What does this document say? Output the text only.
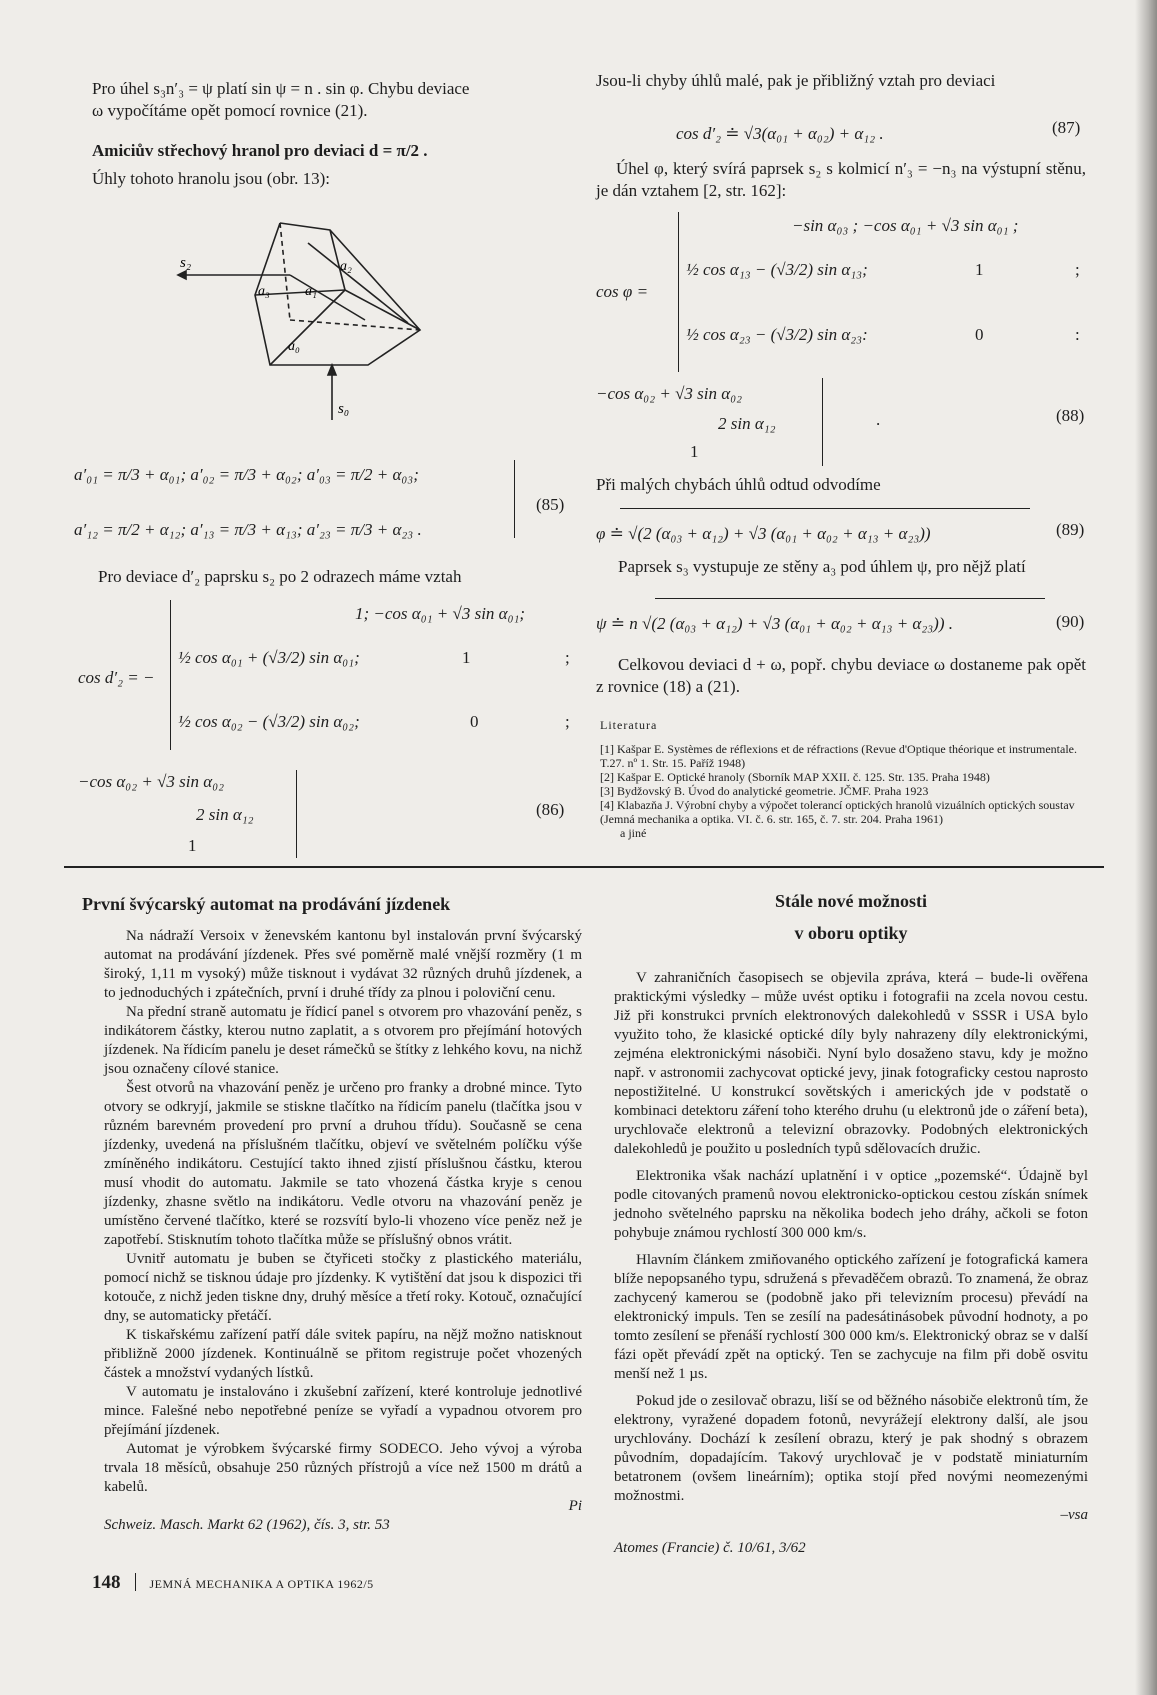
Pro úhel s₃n′₃ = ψ platí sin ψ = n . sin φ. Chybu deviace

ω vypočítáme opět pomocí rovnice (21).

Amiciův střechový hranol pro deviaci d = π/2 .

Úhly tohoto hranolu jsou (obr. 13):

s₂
a₃	a₁
a₂
a₀
s₀
a′₀₁ = π/3 + α₀₁; a′₀₂ = π/3 + α₀₂; a′₀₃ = π/2 + α₀₃;
a′₁₂ = π/2 + α₁₂; a′₁₃ = π/3 + α₁₃; a′₂₃ = π/3 + α₂₃ .
(85)
Pro deviace d′₂ paprsku s₂ po 2 odrazech máme vztah
cos d′₂ = −
1; −cos α₀₁ + √3 sin α₀₁;
½ cos α₀₁ + (√3/2) sin α₀₁;	1	;
½ cos α₀₂ − (√3/2) sin α₀₂;	0	;
−cos α₀₂ + √3 sin α₀₂
2 sin α₁₂
1
(86)
Jsou-li chyby úhlů malé, pak je přibližný vztah pro deviaci
cos d′₂ ≐ √3(α₀₁ + α₀₂) + α₁₂ .	(87)
Úhel φ, který svírá paprsek s₂ s kolmicí n′₃ = −n₃ na výstupní stěnu, je dán vztahem [2, str. 162]:
cos φ =
−sin α₀₃ ; −cos α₀₁ + √3 sin α₀₁ ;
½ cos α₁₃ − (√3/2) sin α₁₃;	1	;
½ cos α₂₃ − (√3/2) sin α₂₃:	0	:
−cos α₀₂ + √3 sin α₀₂
2 sin α₁₂
1
.	(88)
Při malých chybách úhlů odtud odvodíme
φ ≐ √(2 (α₀₃ + α₁₂) + √3 (α₀₁ + α₀₂ + α₁₃ + α₂₃))	(89)
Paprsek s₃ vystupuje ze stěny a₃ pod úhlem ψ, pro nějž platí
ψ ≐ n √(2 (α₀₃ + α₁₂) + √3 (α₀₁ + α₀₂ + α₁₃ + α₂₃)) .	(90)
Celkovou deviaci d + ω, popř. chybu deviace ω dostaneme pak opět z rovnice (18) a (21).

Literatura

[1] Kašpar E. Systèmes de réflexions et de réfractions (Revue d'Optique théorique et instrumentale. T.27. nº 1. Str. 15. Paříž 1948)

[2] Kašpar E. Optické hranoly (Sborník MAP XXII. č. 125. Str. 135. Praha 1948)

[3] Bydžovský B. Úvod do analytické geometrie. JČMF. Praha 1923

[4] Klabazňa J. Výrobní chyby a výpočet tolerancí optických hranolů vizuálních optických soustav (Jemná mechanika a optika. VI. č. 6. str. 165, č. 7. str. 204. Praha 1961)

a jiné

První švýcarský automat na prodávání jízdenek

Na nádraží Versoix v ženevském kantonu byl instalován první švýcarský automat na prodávání jízdenek. Přes své poměrně malé vnější rozměry (1 m široký, 1,11 m vysoký) může tisknout i vydávat 32 různých druhů jízdenek, a to jednoduchých i zpátečních, první i druhé třídy za plnou i poloviční cenu.

Na přední straně automatu je řídicí panel s otvorem pro vhazování peněz, s indikátorem částky, kterou nutno zaplatit, a s otvorem pro přejímání hotových jízdenek. Na řídicím panelu je deset rámečků se štítky z lehkého kovu, na nichž jsou označeny cílové stanice.

Šest otvorů na vhazování peněz je určeno pro franky a drobné mince. Tyto otvory se odkryjí, jakmile se stiskne tlačítko na řídicím panelu (tlačítka jsou v různém barevném provedení pro první a druhou třídu). Současně se cena jízdenky, uvedená na příslušném tlačítku, objeví ve světelném políčku výše zmíněného indikátoru. Cestující takto ihned zjistí příslušnou částku, kterou musí vhodit do automatu. Jakmile se tato vhozená částka kryje s cenou jízdenky, zhasne světlo na indikátoru. Vedle otvoru na vhazování peněz je umístěno červené tlačítko, které se rozsvítí bylo-li vhozeno více peněz než je zapotřebí. Stisknutím tohoto tlačítka může se příslušný obnos vrátit.

Uvnitř automatu je buben se čtyřiceti stočky z plastického materiálu, pomocí nichž se tisknou údaje pro jízdenky. K vytištění dat jsou k dispozici tři kotouče, z nichž jeden tiskne dny, druhý měsíce a třetí roky. Kotouč, označující dny, se automaticky přetáčí.

K tiskařskému zařízení patří dále svitek papíru, na nějž možno natisknout přibližně 2000 jízdenek. Kontinuálně se přitom registruje počet vhozených částek a množství vydaných lístků.

V automatu je instalováno i zkušební zařízení, které kontroluje jednotlivé mince. Falešné nebo nepotřebné peníze se vyřadí a vypadnou otvorem pro přejímání jízdenek.

Automat je výrobkem švýcarské firmy SODECO. Jeho vývoj a výroba trvala 18 měsíců, obsahuje 250 různých přístrojů a více než 1500 m drátů a kabelů.

Pi

Schweiz. Masch. Markt 62 (1962), čís. 3, str. 53

Stále nové možnosti

v oboru optiky

V zahraničních časopisech se objevila zpráva, která – bude-li ověřena praktickými výsledky – může uvést optiku i fotografii na zcela novou cestu. Již při konstrukci prvních elektronových dalekohledů v SSSR i USA bylo využito toho, že klasické optické díly byly nahrazeny díly elektronickými, zejména elektronickými násobiči. Nyní bylo dosaženo stavu, kdy je možno např. v astronomii zachycovat optické jevy, jinak fotograficky cestou naprosto nepostižitelné. U konstrukcí sovětských i amerických jde v podstatě o kombinaci detektoru záření toho kterého druhu (u elektronů jde o záření beta), urychlovače elektronů a televizní obrazovky. Podobných elektronických dalekohledů je použito u posledních typů sdělovacích družic.

Elektronika však nachází uplatnění i v optice „pozemské“. Údajně byl podle citovaných pramenů novou elektronicko-optickou cestou získán snímek jednoho světelného paprsku na několika bodech jeho dráhy, ačkoli se foton pohybuje známou rychlostí 300 000 km/s.

Hlavním článkem zmiňovaného optického zařízení je fotografická kamera blíže nepopsaného typu, sdružená s převaděčem obrazů. To znamená, že obraz zachycený kamerou se (podobně jako při televizním procesu) převádí na elektronický impuls. Ten se zesílí na padesátinásobek původní hodnoty, a po tomto zesílení se přenáší rychlostí 300 000 km/s. Elektronický obraz se v další fázi opět převádí zpět na optický. Ten se zachycuje na film při době osvitu menší než 1 µs.

Pokud jde o zesilovač obrazu, liší se od běžného násobiče elektronů tím, že elektrony, vyražené dopadem fotonů, nevyrážejí elektrony další, ale jsou urychlovány. Dochází k zesílení obrazu, který je pak shodný s obrazem původním, dopadajícím. Takový urychlovač je v podstatě miniaturním betatronem (ovšem lineárním); optika stojí před novými neomezenými možnostmi.

–vsa

Atomes (Francie) č. 10/61, 3/62

148 JEMNÁ MECHANIKA A OPTIKA 1962/5
